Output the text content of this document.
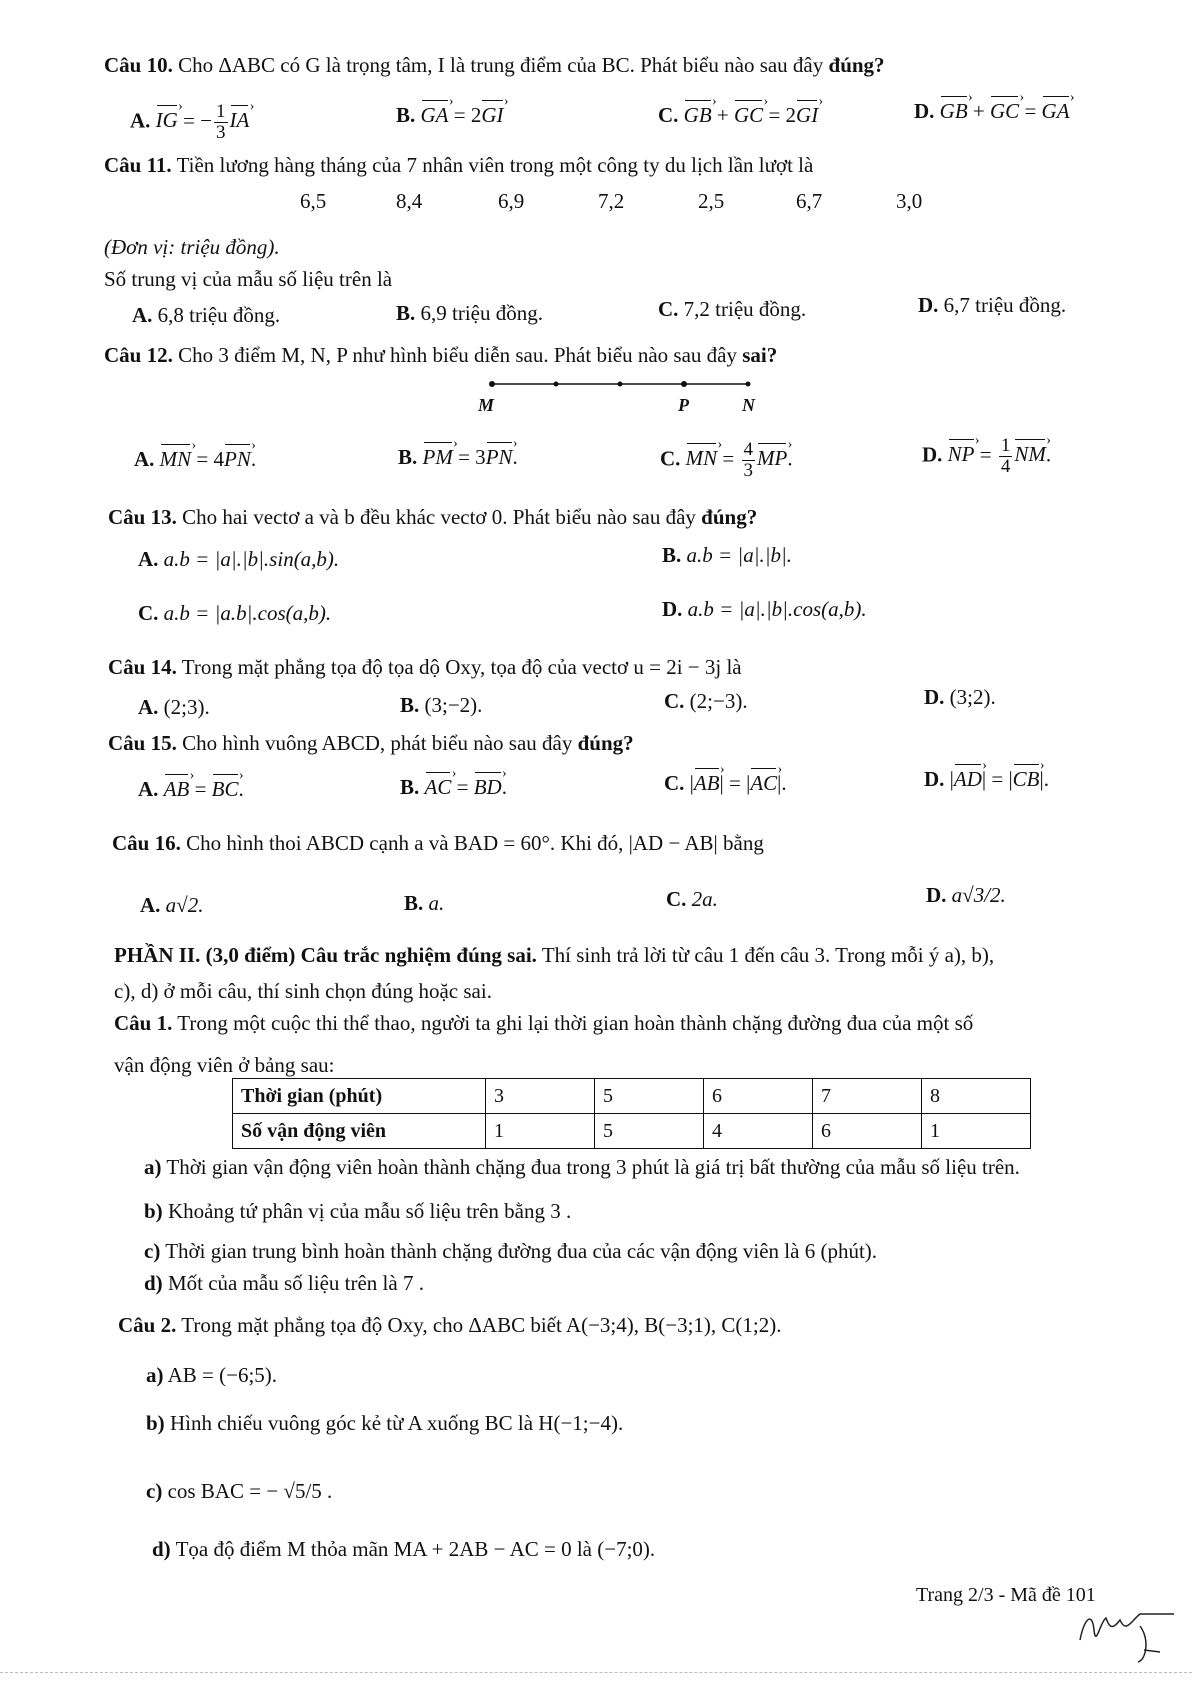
Câu 10. Cho ΔABC có G là trọng tâm, I là trung điểm của BC. Phát biểu nào sau đây đúng?
A. IG › = − $\frac{1}{3}$ IA ›	B. GA › = 2GI ›	C. GB › + GC › = 2GI ›	D. GB › + GC › = GA ›
Câu 11. Tiền lương hàng tháng của 7 nhân viên trong một công ty du lịch lần lượt là
6,5	8,4	6,9	7,2	2,5	6,7	3,0
(Đơn vị: triệu đồng).
Số trung vị của mẫu số liệu trên là
A. 6,8 triệu đồng.	B. 6,9 triệu đồng.	C. 7,2 triệu đồng.	D. 6,7 triệu đồng.
Câu 12. Cho 3 điểm M, N, P như hình biểu diễn sau. Phát biểu nào sau đây sai?
M	P	N
A. MN › = 4PN ›.	B. PM › = 3PN ›.	C. MN › = $\frac{4}{3}$ MP ›.	D. NP › = $\frac{1}{4}$ NM ›.
Câu 13. Cho hai vectơ a và b đều khác vectơ 0. Phát biểu nào sau đây đúng?
A. a.b = |a|.|b|.sin(a,b).	B. a.b = |a|.|b|.
C. a.b = |a.b|.cos(a,b).	D. a.b = |a|.|b|.cos(a,b).
Câu 14. Trong mặt phẳng tọa độ tọa dộ Oxy, tọa độ của vectơ u = 2i − 3j là
A. (2;3).	B. (3;−2).	C. (2;−3).	D. (3;2).
Câu 15. Cho hình vuông ABCD, phát biểu nào sau đây đúng?
A. AB › = BC ›.	B. AC › = BD ›.	C. |AB ›| = |AC ›|.	D. |AD ›| = |CB ›|.
Câu 16. Cho hình thoi ABCD cạnh a và BAD = 60°. Khi đó, |AD − AB| bằng
A. a√2.	B. a.	C. 2a.	D. a√3/2.
PHẦN II. (3,0 điểm) Câu trắc nghiệm đúng sai. Thí sinh trả lời từ câu 1 đến câu 3. Trong mỗi ý a), b),
c), d) ở mỗi câu, thí sinh chọn đúng hoặc sai.
Câu 1. Trong một cuộc thi thể thao, người ta ghi lại thời gian hoàn thành chặng đường đua của một số
vận động viên ở bảng sau:
Thời gian (phút)	3	5	6	7	8
Số vận động viên	1	5	4	6	1
a) Thời gian vận động viên hoàn thành chặng đua trong 3 phút là giá trị bất thường của mẫu số liệu trên.
b) Khoảng tứ phân vị của mẫu số liệu trên bằng 3 .
c) Thời gian trung bình hoàn thành chặng đường đua của các vận động viên là 6 (phút).
d) Mốt của mẫu số liệu trên là 7 .
Câu 2. Trong mặt phẳng tọa độ Oxy, cho ΔABC biết A(−3;4), B(−3;1), C(1;2).
a) AB = (−6;5).
b) Hình chiếu vuông góc kẻ từ A xuống BC là H(−1;−4).
c) cos BAC = − √5/5 .
d) Tọa độ điểm M thỏa mãn MA + 2AB − AC = 0 là (−7;0).
Trang 2/3 - Mã đề 101
